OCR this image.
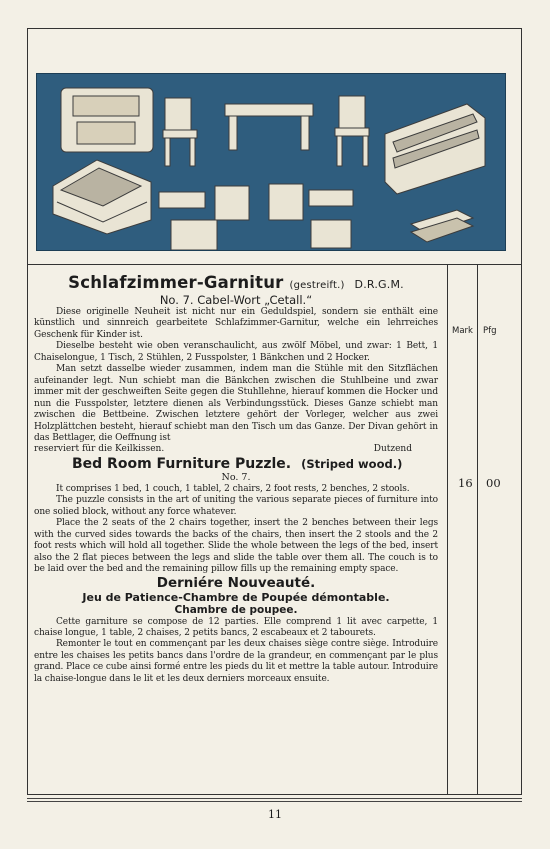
Schlafzimmer-Garnitur (gestreift.) D.R.G.M.
No. 7. Cabel-Wort „Cetall.“

Diese originelle Neuheit ist nicht nur ein Geduldspiel, sondern sie enthält eine künstlich und sinnreich gearbeitete Schlafzimmer-Garnitur, welche ein lehrreiches Geschenk für Kinder ist.

Dieselbe besteht wie oben veranschaulicht, aus zwölf Möbel, und zwar: 1 Bett, 1 Chaiselongue, 1 Tisch, 2 Stühlen, 2 Fusspolster, 1 Bänkchen und 2 Hocker.

Man setzt dasselbe wieder zusammen, indem man die Stühle mit den Sitzflächen aufeinander legt. Nun schiebt man die Bänkchen zwischen die Stuhlbeine und zwar immer mit der geschweiften Seite gegen die Stuhllehne, hierauf kommen die Hocker und nun die Fusspolster, letztere dienen als Verbindungsstück. Dieses Ganze schiebt man zwischen die Bettbeine. Zwischen letztere gehört der Vorleger, welcher aus zwei Holzplättchen besteht, hierauf schiebt man den Tisch um das Ganze. Der Divan gehört in das Bettlager, die Oeffnung ist

reserviert für die Keilkissen.	Dutzend
Bed Room Furniture Puzzle. (Striped wood.)
No. 7.

It comprises 1 bed, 1 couch, 1 tablel, 2 chairs, 2 foot rests, 2 benches, 2 stools.

The puzzle consists in the art of uniting the various separate pieces of furniture into one solied block, without any force whatever.

Place the 2 seats of the 2 chairs together, insert the 2 benches between their legs with the curved sides towards the backs of the chairs, then insert the 2 stools and the 2 foot rests which will hold all together. Slide the whole between the legs of the bed, insert also the 2 flat pieces between the legs and slide the table over them all. The couch is to be laid over the bed and the remaining pillow fills up the remaining empty space.

Derniére Nouveauté.
Jeu de Patience-Chambre de Poupée démontable.
Chambre de poupee.

Cette garniture se compose de 12 parties. Elle comprend 1 lit avec carpette, 1 chaise longue, 1 table, 2 chaises, 2 petits bancs, 2 escabeaux et 2 tabourets.

Remonter le tout en commençant par les deux chaises siège contre siège. Introduire entre les chaises les petits bancs dans l'ordre de la grandeur, en commençant par le plus grand. Place ce cube ainsi formé entre les pieds du lit et mettre la table autour. Introduire la chaise-longue dans le lit et les deux derniers morceaux ensuite.

Mark Pfg
16 00
11
